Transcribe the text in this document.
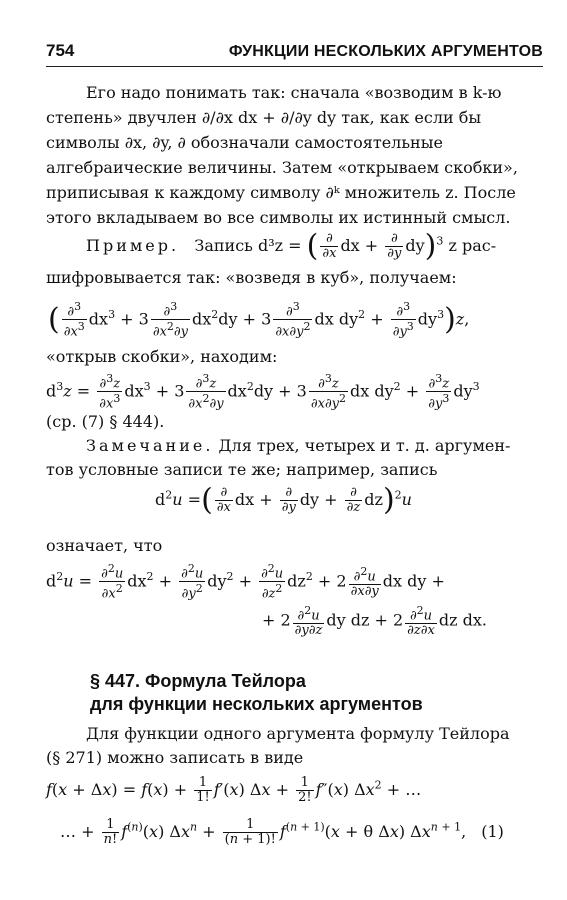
754	ФУНКЦИИ НЕСКОЛЬКИХ АРГУМЕНТОВ
Его надо понимать так: сначала «возводим в k-ю степень» двучлен ∂/∂x dx + ∂/∂y dy так, как если бы символы ∂x, ∂y, ∂ обозначали самостоятельные алгебраические величины. Затем «открываем скобки», приписывая к каждому символу ∂ᵏ множитель z. После этого вкладываем во все символы их истинный смысл.
Пример. Запись d³z = ( ∂
∂x dx + ∂
∂y dy)$^3$ z рас-
шифровывается так: «возведя в куб», получаем:
( $\frac{\partial^3}{\partial x^3} dx^3 + 3 \frac{\partial^3}{\partial x^2\partial y} dx^2dy + 3 \frac{\partial^3}{\partial x\partial y^2}$ dx $dy^2 + \frac{\partial^3}{\partial y^3} dy^3)z$,
«открыв скобки», находим:
$d^3z = \frac{\partial^3z}{\partial x^3} dx^3 + 3 \frac{\partial^3z}{\partial x^2\partial y} dx^2dy + 3 \frac{\partial^3z}{\partial x\partial y^2}$ dx $dy^2 + \frac{\partial^3z}{\partial y^3} dy^3$
(ср. (7) § 444).
Замечание. Для трех, четырех и т. д. аргумен-
тов условные записи те же; например, запись
$d^2u$ =( ∂
∂x dx + ∂
∂y dy + ∂
∂z dz)$^2$u
означает, что
$d^2u = \frac{\partial^2u}{\partial x^2} dx^2 + \frac{\partial^2u}{\partial y^2} dy^2 + \frac{\partial^2u}{\partial z^2} dz^2 + 2 \frac{\partial^2u}{\partial x\partial y}$ dx dy +
+ $2 \frac{\partial^2u}{\partial y\partial z}$ dy dz + $2 \frac{\partial^2u}{\partial z\partial x}$ dz dx.
§ 447. Формула Тейлора
для функции нескольких аргументов
Для функции одного аргумента формулу Тейлора
(§ 271) можно записать в виде
$f(x + \Delta x) = f(x) + \frac{1}{1!} f'(x) \Delta x + \frac{1}{2!} f''(x) \Delta x^2$ + …
… + $\frac{1}{n!} f^{(n)}(x) \Delta x^n + \frac{1}{(n + 1)!} f^{(n + 1)}(x + \theta$ Δx) $\Delta x^{n + 1}$, (1)
